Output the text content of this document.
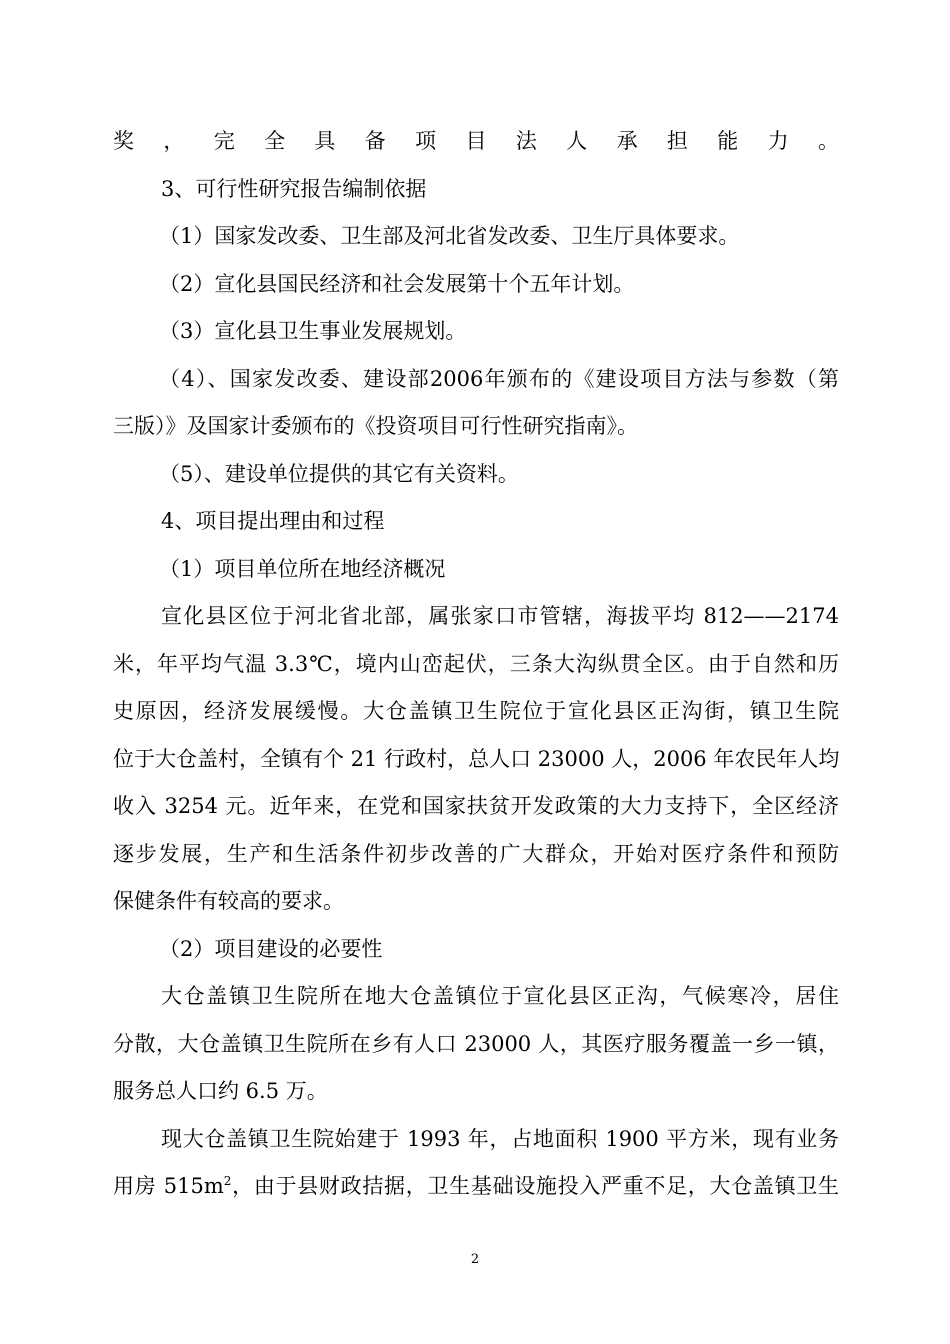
奖，完全具备项目法人承担能力。
3、可行性研究报告编制依据
（1）国家发改委、卫生部及河北省发改委、卫生厅具体要求。
（2）宣化县国民经济和社会发展第十个五年计划。
（3）宣化县卫生事业发展规划。
（4）、国家发改委、建设部2006年颁布的《建设项目方法与参数（第
三版）》及国家计委颁布的《投资项目可行性研究指南》。
（5）、建设单位提供的其它有关资料。
4、项目提出理由和过程
（1）项目单位所在地经济概况
宣化县区位于河北省北部，属张家口市管辖，海拔平均 812——2174
米，年平均气温 3.3℃，境内山峦起伏，三条大沟纵贯全区。由于自然和历
史原因，经济发展缓慢。大仓盖镇卫生院位于宣化县区正沟街，镇卫生院
位于大仓盖村，全镇有个 21 行政村，总人口 23000 人，2006 年农民年人均
收入 3254 元。近年来，在党和国家扶贫开发政策的大力支持下，全区经济
逐步发展，生产和生活条件初步改善的广大群众，开始对医疗条件和预防
保健条件有较高的要求。
（2）项目建设的必要性
大仓盖镇卫生院所在地大仓盖镇位于宣化县区正沟，气候寒冷，居住
分散，大仓盖镇卫生院所在乡有人口 23000 人，其医疗服务覆盖一乡一镇，
服务总人口约 6.5 万。
现大仓盖镇卫生院始建于 1993 年，占地面积 1900 平方米，现有业务
用房 $515m^2$，由于县财政拮据，卫生基础设施投入严重不足，大仓盖镇卫生
2
